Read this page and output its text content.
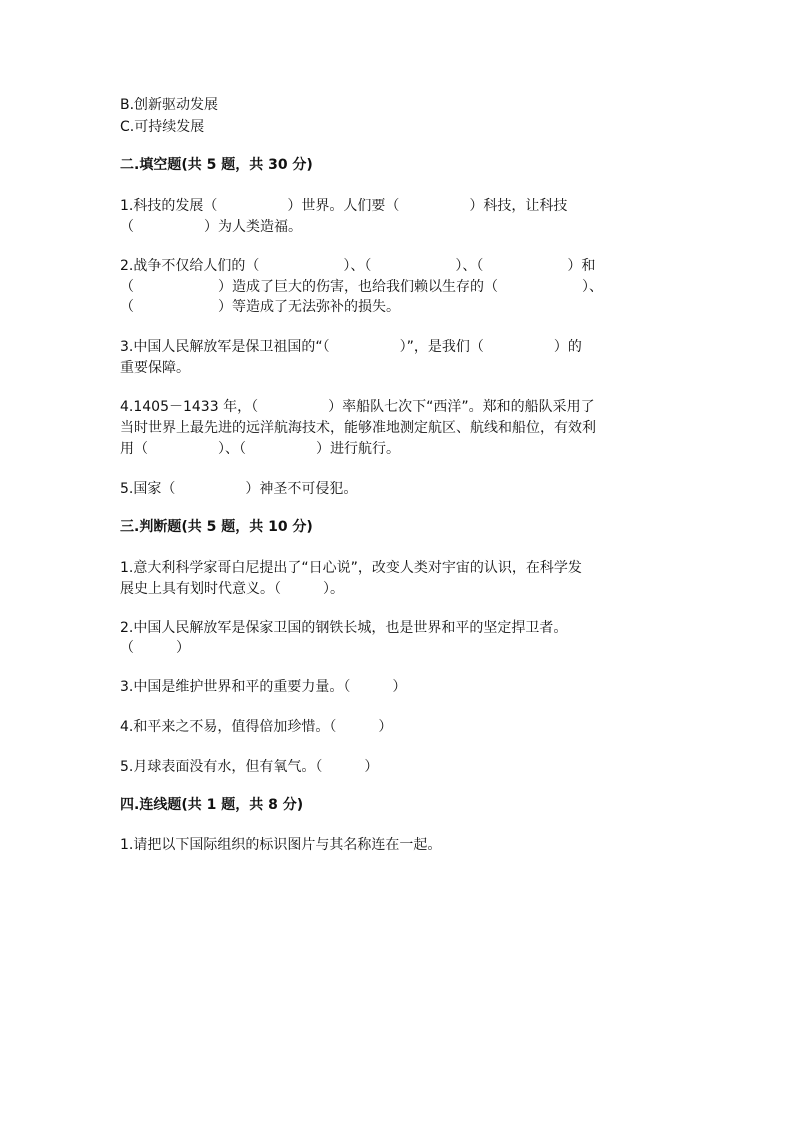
B.创新驱动发展
C.可持续发展
二.填空题(共 5 题，共 30 分)
1.科技的发展（　　　　　）世界。人们要（　　　　　）科技，让科技
（　　　　　）为人类造福。
2.战争不仅给人们的（　　　　　　）、（　　　　　　）、（　　　　　　）和
（　　　　　　）造成了巨大的伤害，也给我们赖以生存的（　　　　　　）、
（　　　　　　）等造成了无法弥补的损失。
3.中国人民解放军是保卫祖国的“（　　　　　）”，是我们（　　　　　）的
重要保障。
4.1405－1433 年，（　　　　　）率船队七次下“西洋”。郑和的船队采用了
当时世界上最先进的远洋航海技术，能够准地测定航区、航线和船位，有效利
用（　　　　　）、（　　　　　）进行航行。
5.国家（　　　　　）神圣不可侵犯。
三.判断题(共 5 题，共 10 分)
1.意大利科学家哥白尼提出了“日心说”，改变人类对宇宙的认识，在科学发
展史上具有划时代意义。（　　　）。
2.中国人民解放军是保家卫国的钢铁长城，也是世界和平的坚定捍卫者。
（　　　）
3.中国是维护世界和平的重要力量。（　　　）
4.和平来之不易，值得倍加珍惜。（　　　）
5.月球表面没有水，但有氧气。（　　　）
四.连线题(共 1 题，共 8 分)
1.请把以下国际组织的标识图片与其名称连在一起。
